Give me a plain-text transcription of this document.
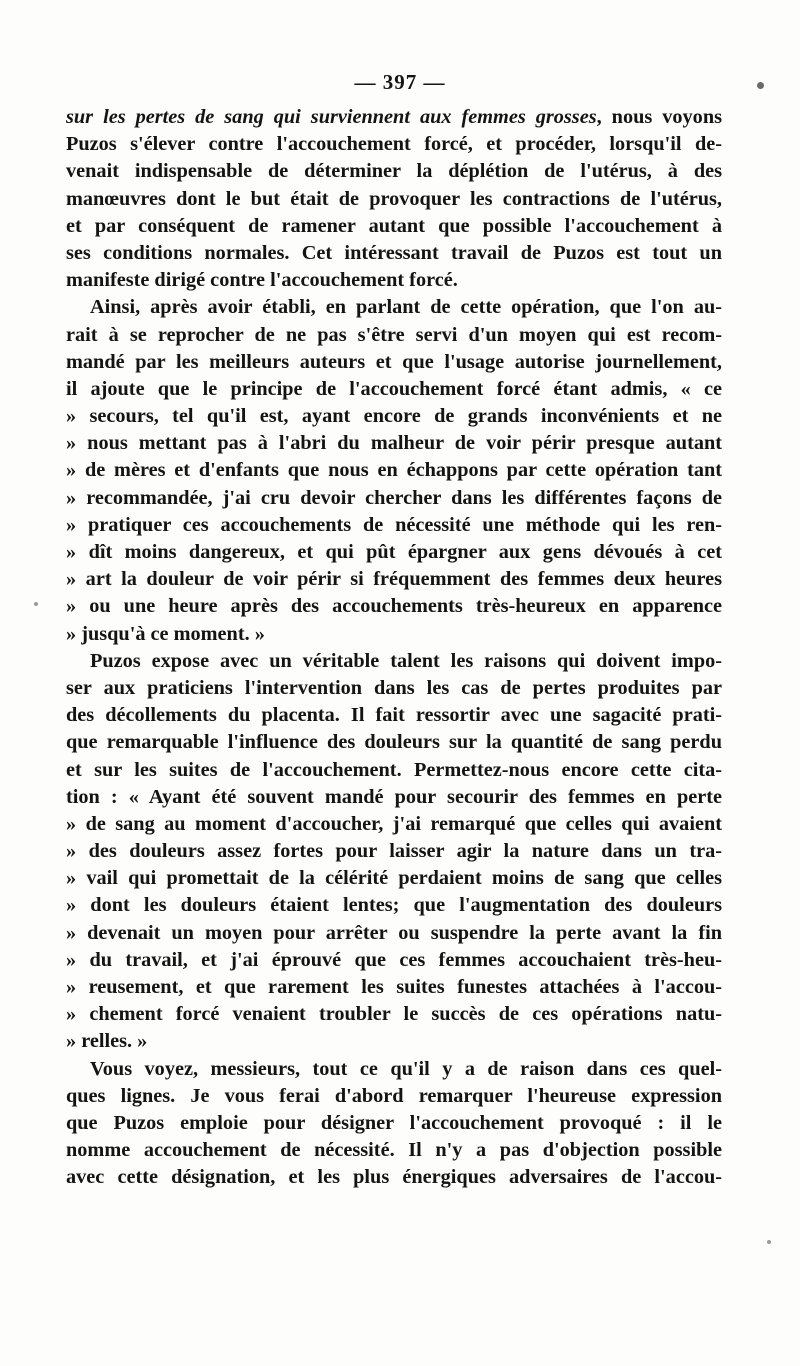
— 397 —
sur les pertes de sang qui surviennent aux femmes grosses, nous voyons
Puzos s'élever contre l'accouchement forcé, et procéder, lorsqu'il de-
venait indispensable de déterminer la déplétion de l'utérus, à des
manœuvres dont le but était de provoquer les contractions de l'utérus,
et par conséquent de ramener autant que possible l'accouchement à
ses conditions normales. Cet intéressant travail de Puzos est tout un
manifeste dirigé contre l'accouchement forcé.
Ainsi, après avoir établi, en parlant de cette opération, que l'on au-
rait à se reprocher de ne pas s'être servi d'un moyen qui est recom-
mandé par les meilleurs auteurs et que l'usage autorise journellement,
il ajoute que le principe de l'accouchement forcé étant admis, « ce
» secours, tel qu'il est, ayant encore de grands inconvénients et ne
» nous mettant pas à l'abri du malheur de voir périr presque autant
» de mères et d'enfants que nous en échappons par cette opération tant
» recommandée, j'ai cru devoir chercher dans les différentes façons de
» pratiquer ces accouchements de nécessité une méthode qui les ren-
» dît moins dangereux, et qui pût épargner aux gens dévoués à cet
» art la douleur de voir périr si fréquemment des femmes deux heures
» ou une heure après des accouchements très-heureux en apparence
» jusqu'à ce moment. »
Puzos expose avec un véritable talent les raisons qui doivent impo-
ser aux praticiens l'intervention dans les cas de pertes produites par
des décollements du placenta. Il fait ressortir avec une sagacité prati-
que remarquable l'influence des douleurs sur la quantité de sang perdu
et sur les suites de l'accouchement. Permettez-nous encore cette cita-
tion : « Ayant été souvent mandé pour secourir des femmes en perte
» de sang au moment d'accoucher, j'ai remarqué que celles qui avaient
» des douleurs assez fortes pour laisser agir la nature dans un tra-
» vail qui promettait de la célérité perdaient moins de sang que celles
» dont les douleurs étaient lentes; que l'augmentation des douleurs
» devenait un moyen pour arrêter ou suspendre la perte avant la fin
» du travail, et j'ai éprouvé que ces femmes accouchaient très-heu-
» reusement, et que rarement les suites funestes attachées à l'accou-
» chement forcé venaient troubler le succès de ces opérations natu-
» relles. »
Vous voyez, messieurs, tout ce qu'il y a de raison dans ces quel-
ques lignes. Je vous ferai d'abord remarquer l'heureuse expression
que Puzos emploie pour désigner l'accouchement provoqué : il le
nomme accouchement de nécessité. Il n'y a pas d'objection possible
avec cette désignation, et les plus énergiques adversaires de l'accou-
